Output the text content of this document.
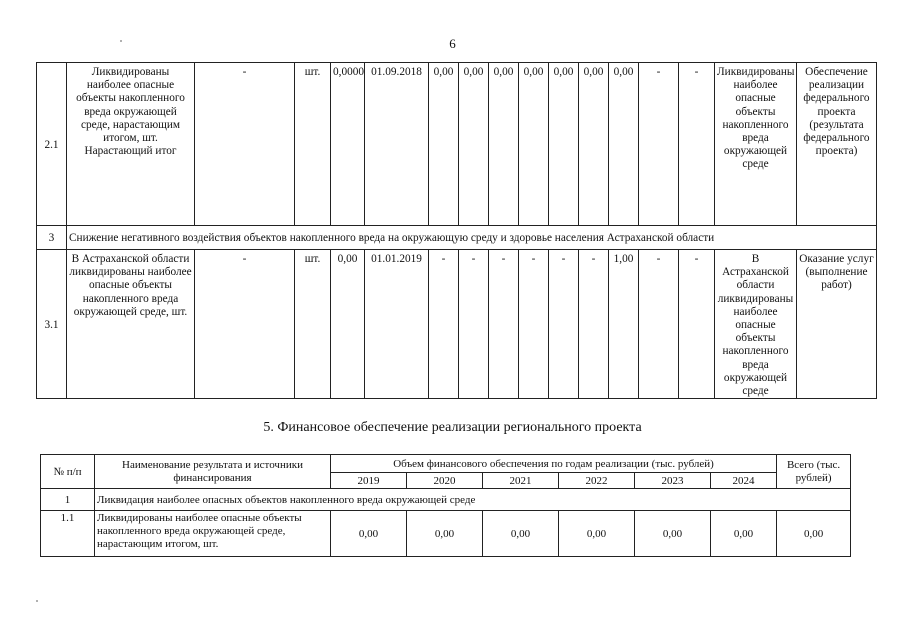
6
2.1	Ликвидированы наиболее опасные объекты накопленного вреда окружающей среде, нарастающим итогом, шт. Нарастающий итог	-	шт.	0,0000	01.09.2018	0,00	0,00	0,00	0,00	0,00	0,00	0,00	-	-	Ликвидированы наиболее опасные объекты накопленного вреда окружающей среде	Обеспечение реализации федерального проекта (результата федерального проекта)
3	Снижение негативного воздействия объектов накопленного вреда на окружающую среду и здоровье населения Астраханской области															
3.1	В Астраханской области ликвидированы наиболее опасные объекты накопленного вреда окружающей среде, шт.	-	шт.	0,00	01.01.2019	-	-	-	-	-	-	1,00	-	-	В Астраханской области ликвидированы наиболее опасные объекты накопленного вреда окружающей среде	Оказание услуг (выполнение работ)
5. Финансовое обеспечение реализации регионального проекта
№ п/п	Наименование результата и источники финансирования	Объем финансового обеспечения по годам реализации (тыс. рублей)						Всего (тыс. рублей)
		2019	2020	2021	2022	2023	2024	
1	Ликвидация наиболее опасных объектов накопленного вреда окружающей среде							
1.1	Ликвидированы наиболее опасные объекты накопленного вреда окружающей среде, нарастающим итогом, шт.	0,00	0,00	0,00	0,00	0,00	0,00	0,00
